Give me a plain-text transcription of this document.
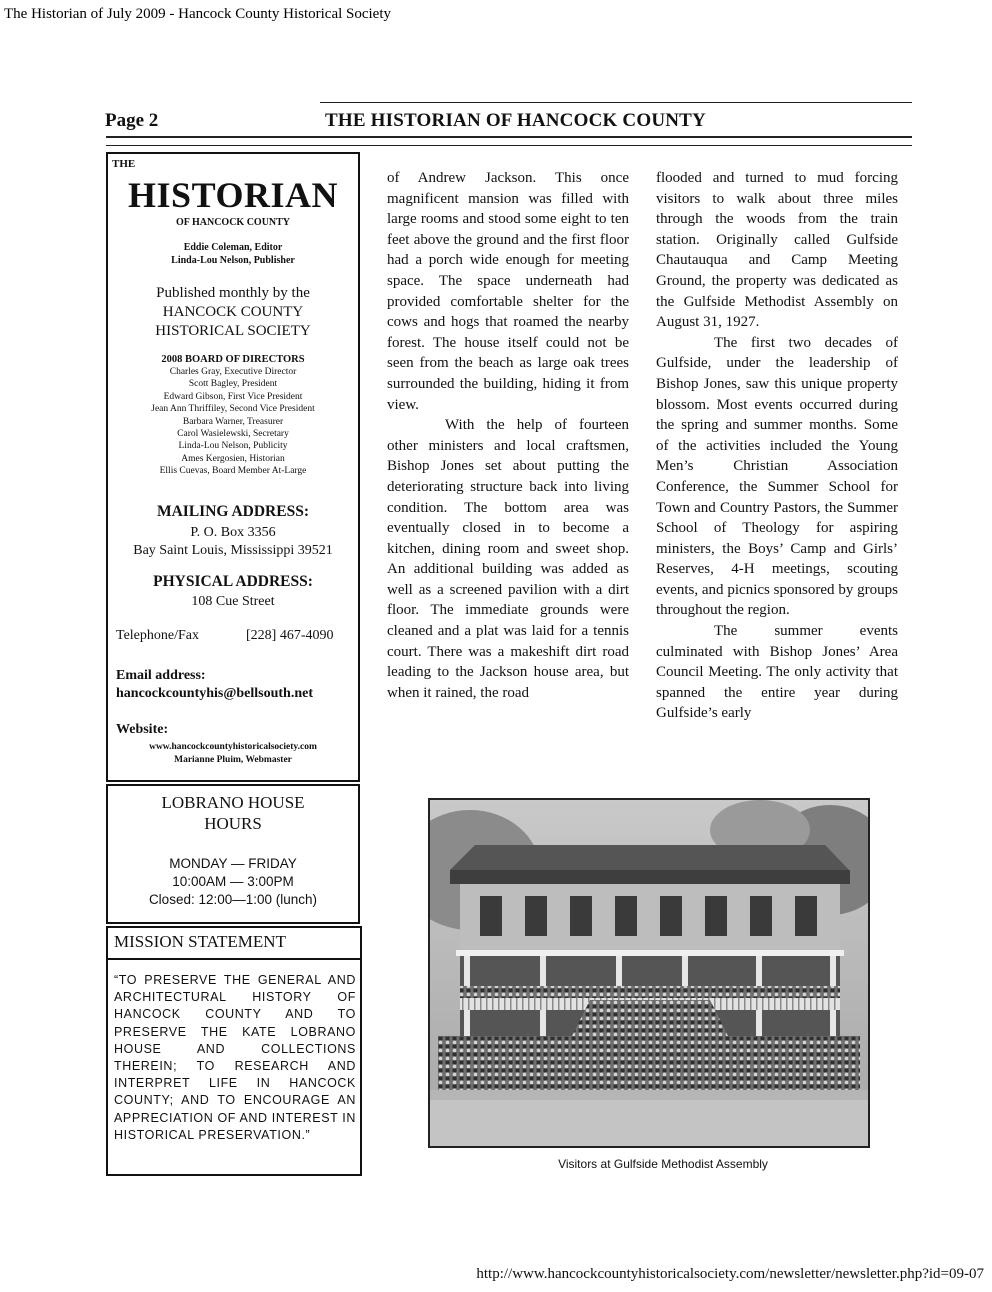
The Historian of July 2009 - Hancock County Historical Society
Page 2	THE HISTORIAN OF HANCOCK COUNTY
THE
HISTORIAN
OF HANCOCK COUNTY
Eddie Coleman, Editor
Linda-Lou Nelson, Publisher
Published monthly by the
HANCOCK COUNTY
HISTORICAL SOCIETY
2008 BOARD OF DIRECTORS
Charles Gray, Executive Director
Scott Bagley, President
Edward Gibson, First Vice President
Jean Ann Thriffiley, Second Vice President
Barbara Warner, Treasurer
Carol Wasielewski, Secretary
Linda-Lou Nelson, Publicity
Ames Kergosien, Historian
Ellis Cuevas, Board Member At-Large
MAILING ADDRESS:
P. O. Box 3356
Bay Saint Louis, Mississippi 39521
PHYSICAL ADDRESS:
108 Cue Street
Telephone/Fax	[228] 467-4090
Email address:
hancockcountyhis@bellsouth.net
Website:
www.hancockcountyhistoricalsociety.com
Marianne Pluim, Webmaster
LOBRANO HOUSE
HOURS
MONDAY — FRIDAY
10:00AM — 3:00PM
Closed: 12:00—1:00 (lunch)
MISSION STATEMENT
“TO PRESERVE THE GENERAL AND ARCHITECTURAL HISTORY OF HANCOCK COUNTY AND TO PRESERVE THE KATE LOBRANO HOUSE AND COLLECTIONS THEREIN; TO RESEARCH AND INTERPRET LIFE IN HANCOCK COUNTY; AND TO ENCOURAGE AN APPRECIATION OF AND INTEREST IN HISTORICAL PRESERVATION.”

of Andrew Jackson. This once magnificent mansion was filled with large rooms and stood some eight to ten feet above the ground and the first floor had a porch wide enough for meeting space. The space underneath had provided comfortable shelter for the cows and hogs that roamed the nearby forest. The house itself could not be seen from the beach as large oak trees surrounded the building, hiding it from view.

With the help of fourteen other ministers and local craftsmen, Bishop Jones set about putting the deteriorating structure back into living condition. The bottom area was eventually closed in to become a kitchen, dining room and sweet shop. An additional building was added as well as a screened pavilion with a dirt floor. The immediate grounds were cleaned and a plat was laid for a tennis court. There was a makeshift dirt road leading to the Jackson house area, but when it rained, the road

flooded and turned to mud forcing visitors to walk about three miles through the woods from the train station. Originally called Gulfside Chautauqua and Camp Meeting Ground, the property was dedicated as the Gulfside Methodist Assembly on August 31, 1927.

The first two decades of Gulfside, under the leadership of Bishop Jones, saw this unique property blossom. Most events occurred during the spring and summer months. Some of the activities included the Young Men’s Christian Association Conference, the Summer School for Town and Country Pastors, the Summer School of Theology for aspiring ministers, the Boys’ Camp and Girls’ Reserves, 4-H meetings, scouting events, and picnics sponsored by groups throughout the region.

The summer events culminated with Bishop Jones’ Area Council Meeting. The only activity that spanned the entire year during Gulfside’s early

Visitors at Gulfside Methodist Assembly
http://www.hancockcountyhistoricalsociety.com/newsletter/newsletter.php?id=09-07
